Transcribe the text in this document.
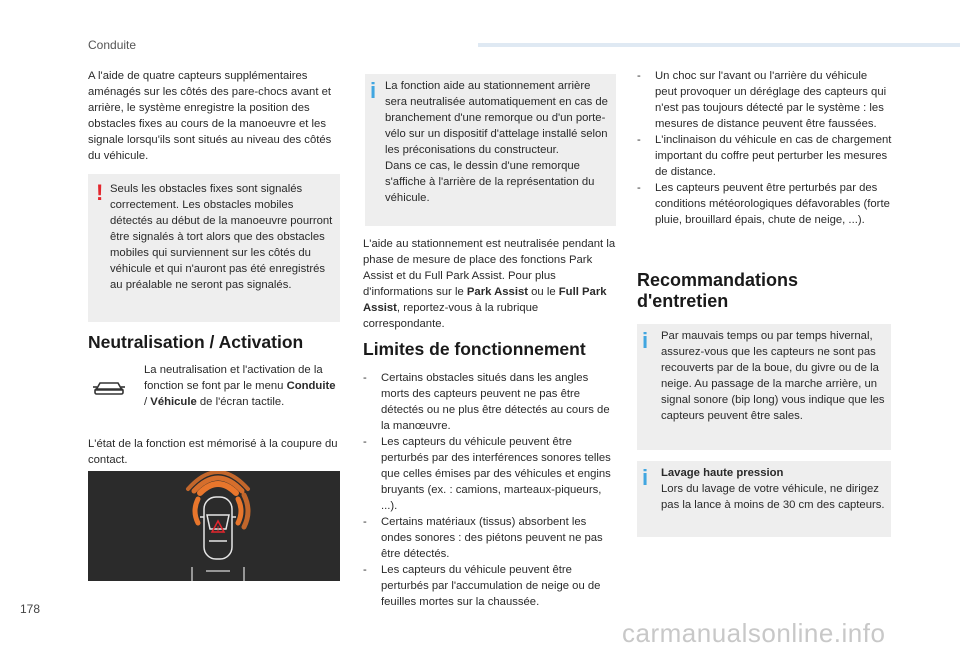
Conduite
A l'aide de quatre capteurs supplémentaires aménagés sur les côtés des pare-chocs avant et arrière, le système enregistre la position des obstacles fixes au cours de la manoeuvre et les signale lorsqu'ils sont situés au niveau des côtés du véhicule.
! Seuls les obstacles fixes sont signalés correctement. Les obstacles mobiles détectés au début de la manoeuvre pourront être signalés à tort alors que des obstacles mobiles qui surviennent sur les côtés du véhicule et qui n'auront pas été enregistrés au préalable ne seront pas signalés.
Neutralisation / Activation
La neutralisation et l'activation de la fonction se font par le menu Conduite / Véhicule de l'écran tactile.
L'état de la fonction est mémorisé à la coupure du contact.
!
i La fonction aide au stationnement arrière sera neutralisée automatiquement en cas de branchement d'une remorque ou d'un porte-vélo sur un dispositif d'attelage installé selon les préconisations du constructeur.
Dans ce cas, le dessin d'une remorque s'affiche à l'arrière de la représentation du véhicule.
L'aide au stationnement est neutralisée pendant la phase de mesure de place des fonctions Park Assist et du Full Park Assist. Pour plus d'informations sur le Park Assist ou le Full Park Assist, reportez-vous à la rubrique correspondante.
Limites de fonctionnement
- Certains obstacles situés dans les angles morts des capteurs peuvent ne pas être détectés ou ne plus être détectés au cours de la manœuvre.
- Les capteurs du véhicule peuvent être perturbés par des interférences sonores telles que celles émises par des véhicules et engins bruyants (ex. : camions, marteaux-piqueurs, ...).
- Certains matériaux (tissus) absorbent les ondes sonores : des piétons peuvent ne pas être détectés.
- Les capteurs du véhicule peuvent être perturbés par l'accumulation de neige ou de feuilles mortes sur la chaussée.
- Un choc sur l'avant ou l'arrière du véhicule peut provoquer un déréglage des capteurs qui n'est pas toujours détecté par le système : les mesures de distance peuvent être faussées.
- L'inclinaison du véhicule en cas de chargement important du coffre peut perturber les mesures de distance.
- Les capteurs peuvent être perturbés par des conditions météorologiques défavorables (forte pluie, brouillard épais, chute de neige, ...).
Recommandations
d'entretien
i Par mauvais temps ou par temps hivernal, assurez-vous que les capteurs ne sont pas recouverts par de la boue, du givre ou de la neige. Au passage de la marche arrière, un signal sonore (bip long) vous indique que les capteurs peuvent être sales.
i Lavage haute pression
Lors du lavage de votre véhicule, ne dirigez pas la lance à moins de 30 cm des capteurs.
178
carmanualsonline.info
